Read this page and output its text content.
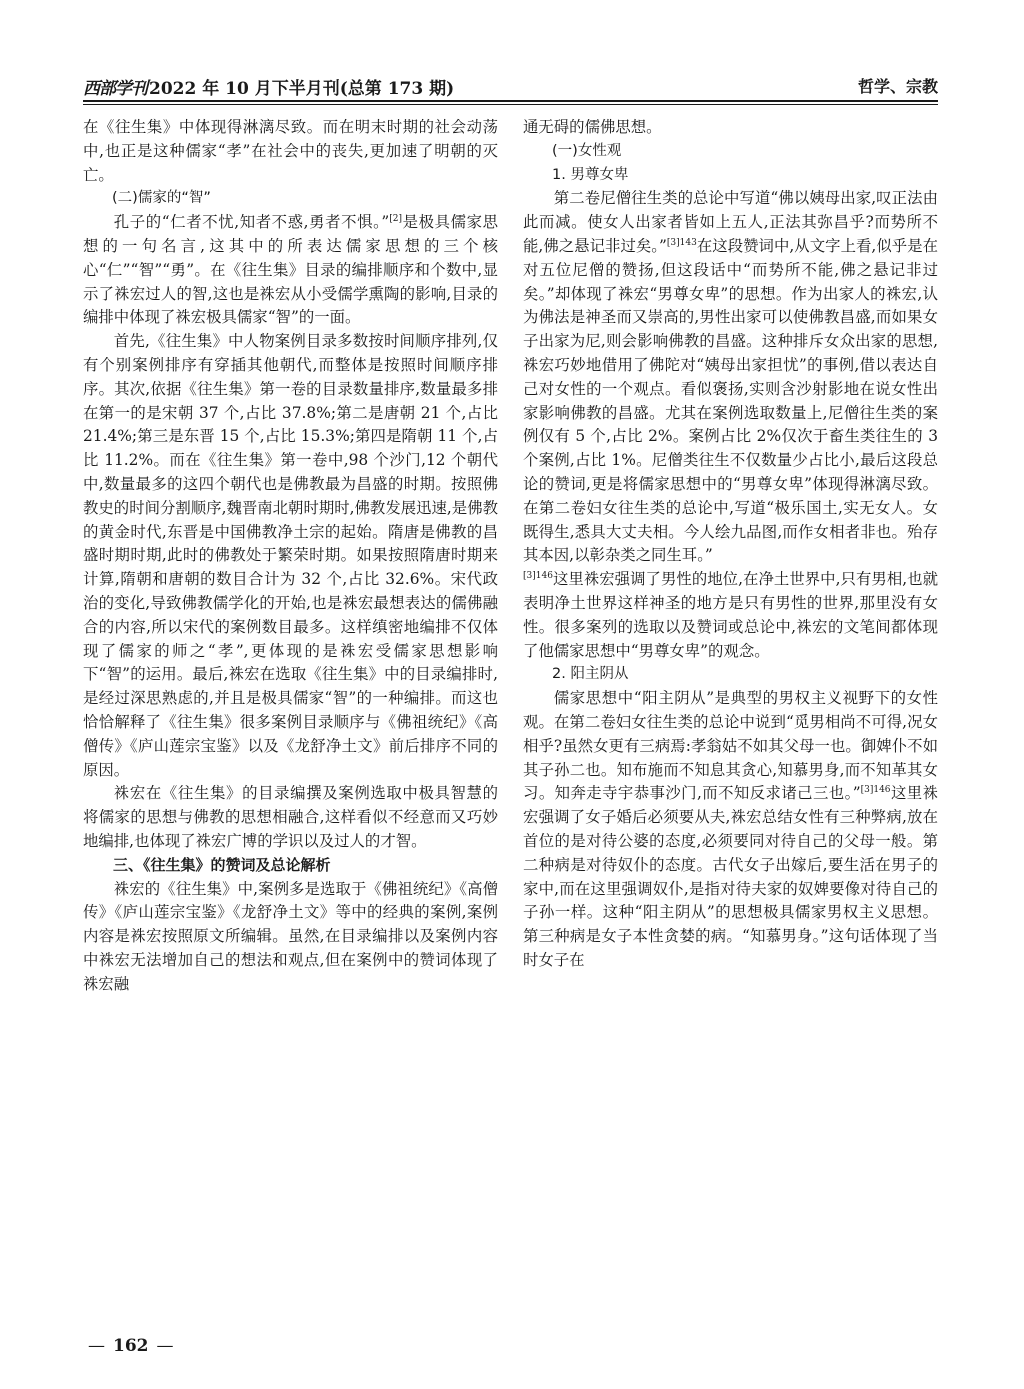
西部学刊 2022 年 10 月下半月刊(总第 173 期)	哲学、宗教

在《往生集》中体现得淋漓尽致。而在明末时期的社会动荡中,也正是这种儒家“孝”在社会中的丧失,更加速了明朝的灭亡。

(二)儒家的“智”

孔子的“仁者不忧,知者不惑,勇者不惧。”[2]是极具儒家思想的一句名言,这其中的所表达儒家思想的三个核心“仁”“智”“勇”。在《往生集》目录的编排顺序和个数中,显示了袾宏过人的智,这也是袾宏从小受儒学熏陶的影响,目录的编排中体现了袾宏极具儒家“智”的一面。

首先,《往生集》中人物案例目录多数按时间顺序排列,仅有个别案例排序有穿插其他朝代,而整体是按照时间顺序排序。其次,依据《往生集》第一卷的目录数量排序,数量最多排在第一的是宋朝 37 个,占比 37.8%;第二是唐朝 21 个,占比 21.4%;第三是东晋 15 个,占比 15.3%;第四是隋朝 11 个,占比 11.2%。而在《往生集》第一卷中,98 个沙门,12 个朝代中,数量最多的这四个朝代也是佛教最为昌盛的时期。按照佛教史的时间分割顺序,魏晋南北朝时期时,佛教发展迅速,是佛教的黄金时代,东晋是中国佛教净土宗的起始。隋唐是佛教的昌盛时期时期,此时的佛教处于繁荣时期。如果按照隋唐时期来计算,隋朝和唐朝的数目合计为 32 个,占比 32.6%。宋代政治的变化,导致佛教儒学化的开始,也是袾宏最想表达的儒佛融合的内容,所以宋代的案例数目最多。这样缜密地编排不仅体现了儒家的师之“孝”,更体现的是袾宏受儒家思想影响下“智”的运用。最后,袾宏在选取《往生集》中的目录编排时,是经过深思熟虑的,并且是极具儒家“智”的一种编排。而这也恰恰解释了《往生集》很多案例目录顺序与《佛祖统纪》《高僧传》《庐山莲宗宝鉴》以及《龙舒净土文》前后排序不同的原因。

袾宏在《往生集》的目录编撰及案例选取中极具智慧的将儒家的思想与佛教的思想相融合,这样看似不经意而又巧妙地编排,也体现了袾宏广博的学识以及过人的才智。

三、《往生集》的赞词及总论解析

袾宏的《往生集》中,案例多是选取于《佛祖统纪》《高僧传》《庐山莲宗宝鉴》《龙舒净土文》等中的经典的案例,案例内容是袾宏按照原文所编辑。虽然,在目录编排以及案例内容中袾宏无法增加自己的想法和观点,但在案例中的赞词体现了袾宏融

通无碍的儒佛思想。

(一)女性观

1. 男尊女卑

第二卷尼僧往生类的总论中写道“佛以姨母出家,叹正法由此而减。使女人出家者皆如上五人,正法其弥昌乎?而势所不能,佛之悬记非过矣。”$^{[3]143}$在这段赞词中,从文字上看,似乎是在对五位尼僧的赞扬,但这段话中“而势所不能,佛之悬记非过矣。”却体现了袾宏“男尊女卑”的思想。作为出家人的袾宏,认为佛法是神圣而又崇高的,男性出家可以使佛教昌盛,而如果女子出家为尼,则会影响佛教的昌盛。这种排斥女众出家的思想,袾宏巧妙地借用了佛陀对“姨母出家担忧”的事例,借以表达自己对女性的一个观点。看似褒扬,实则含沙射影地在说女性出家影响佛教的昌盛。尤其在案例选取数量上,尼僧往生类的案例仅有 5 个,占比 2%。案例占比 2%仅次于畜生类往生的 3 个案例,占比 1%。尼僧类往生不仅数量少占比小,最后这段总论的赞词,更是将儒家思想中的“男尊女卑”体现得淋漓尽致。在第二卷妇女往生类的总论中,写道“极乐国土,实无女人。女既得生,悉具大丈夫相。今人绘九品图,而作女相者非也。殆存其本因,以彰杂类之同生耳。”

$^{[3]146}$这里袾宏强调了男性的地位,在净土世界中,只有男相,也就表明净土世界这样神圣的地方是只有男性的世界,那里没有女性。很多案列的选取以及赞词或总论中,袾宏的文笔间都体现了他儒家思想中“男尊女卑”的观念。

2. 阳主阴从

儒家思想中“阳主阴从”是典型的男权主义视野下的女性观。在第二卷妇女往生类的总论中说到“觅男相尚不可得,况女相乎?虽然女更有三病焉:孝翁姑不如其父母一也。御婢仆不如其子孙二也。知布施而不知息其贪心,知慕男身,而不知革其女习。知奔走寺宇恭事沙门,而不知反求诸己三也。”$^{[3]146}$这里袾宏强调了女子婚后必须要从夫,袾宏总结女性有三种弊病,放在首位的是对待公婆的态度,必须要同对待自己的父母一般。第二种病是对待奴仆的态度。古代女子出嫁后,要生活在男子的家中,而在这里强调奴仆,是指对待夫家的奴婢要像对待自己的子孙一样。这种“阳主阴从”的思想极具儒家男权主义思想。第三种病是女子本性贪婪的病。“知慕男身。”这句话体现了当时女子在

— 162 —
